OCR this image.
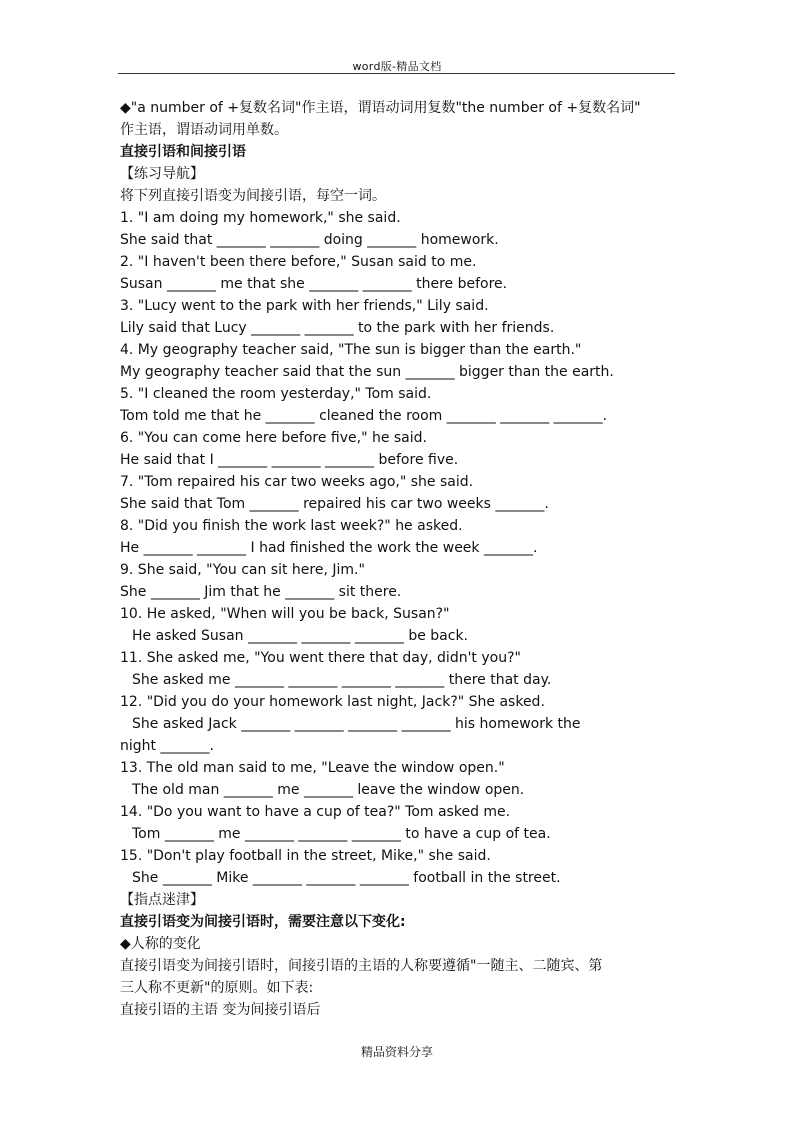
word版-精品文档
◆"a number of +复数名词"作主语，谓语动词用复数"the number of +复数名词"
作主语，谓语动词用单数。
直接引语和间接引语
【练习导航】
将下列直接引语变为间接引语，每空一词。
1. "I am doing my homework," she said.
She said that _______ _______ doing _______ homework.
2. "I haven't been there before," Susan said to me.
Susan _______ me that she _______ _______ there before.
3. "Lucy went to the park with her friends," Lily said.
Lily said that Lucy _______ _______ to the park with her friends.
4. My geography teacher said, "The sun is bigger than the earth."
My geography teacher said that the sun _______ bigger than the earth.
5. "I cleaned the room yesterday," Tom said.
Tom told me that he _______ cleaned the room _______ _______ _______.
6. "You can come here before five," he said.
He said that I _______ _______ _______ before five.
7. "Tom repaired his car two weeks ago," she said.
She said that Tom _______ repaired his car two weeks _______.
8. "Did you finish the work last week?" he asked.
He _______ _______ I had finished the work the week _______.
9. She said, "You can sit here, Jim."
She _______ Jim that he _______ sit there.
10. He asked, "When will you be back, Susan?"
He asked Susan _______ _______ _______ be back.
11. She asked me, "You went there that day, didn't you?"
She asked me _______ _______ _______ _______ there that day.
12. "Did you do your homework last night, Jack?" She asked.
She asked Jack _______ _______ _______ _______ his homework the
night _______.
13. The old man said to me, "Leave the window open."
The old man _______ me _______ leave the window open.
14. "Do you want to have a cup of tea?" Tom asked me.
Tom _______ me _______ _______ _______ to have a cup of tea.
15. "Don't play football in the street, Mike," she said.
She _______ Mike _______ _______ _______ football in the street.
【指点迷津】
直接引语变为间接引语时，需要注意以下变化:
◆人称的变化
直接引语变为间接引语时，间接引语的主语的人称要遵循"一随主、二随宾、第
三人称不更新"的原则。如下表:
直接引语的主语 变为间接引语后
精品资料分享
